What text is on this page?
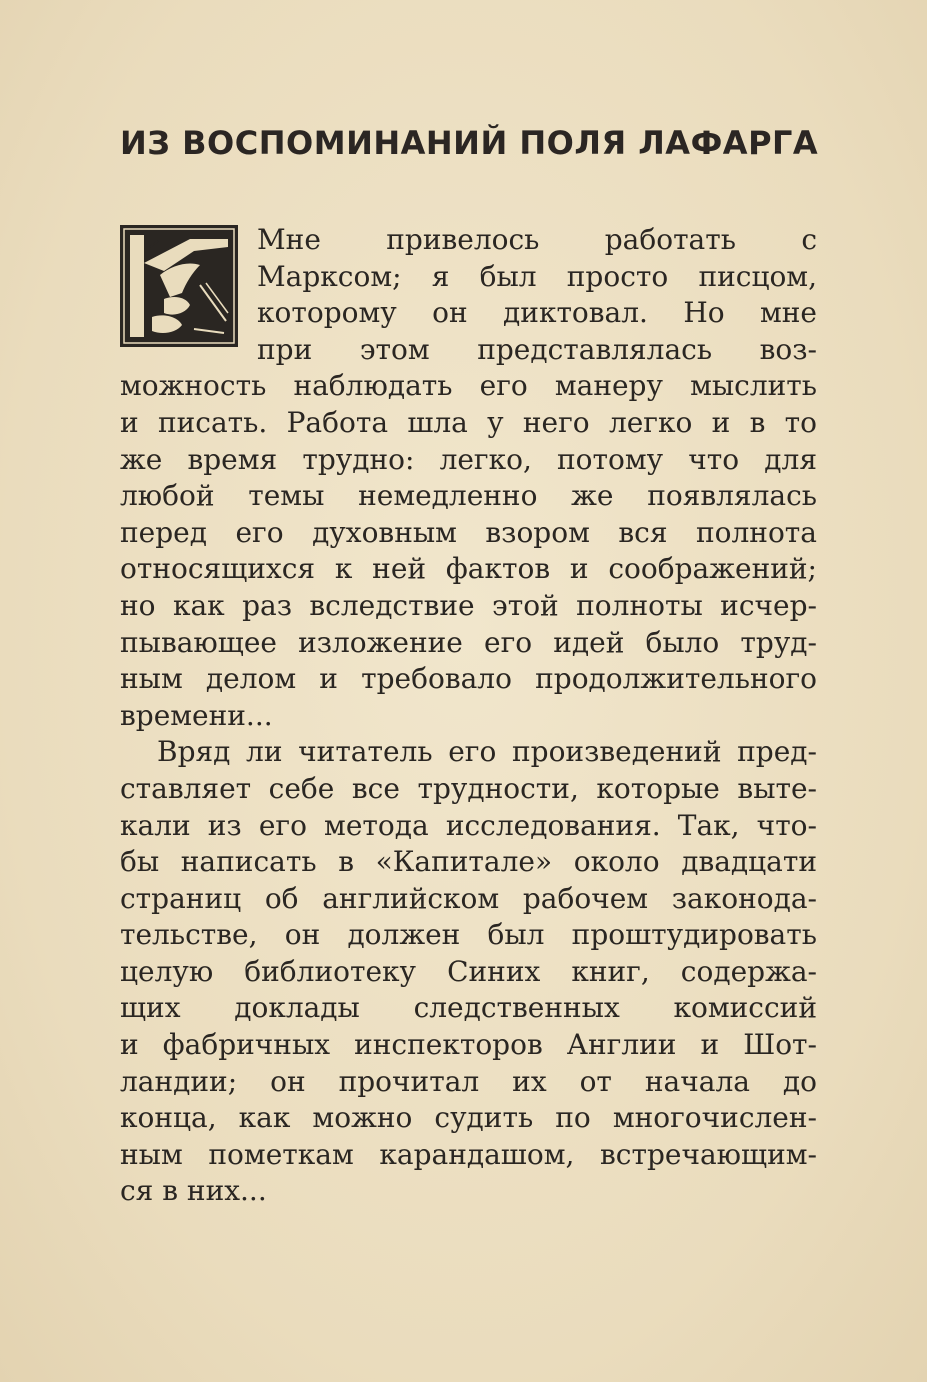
ИЗ ВОСПОМИНАНИЙ ПОЛЯ ЛАФАРГА
Мне привелось работать с
Марксом; я был просто писцом,
которому он диктовал. Но мне
при этом представлялась воз-
можность наблюдать его манеру мыслить
и писать. Работа шла у него легко и в то
же время трудно: легко, потому что для
любой темы немедленно же появлялась
перед его духовным взором вся полнота
относящихся к ней фактов и соображений;
но как раз вследствие этой полноты исчер-
пывающее изложение его идей было труд-
ным делом и требовало продолжительного
времени...
Вряд ли читатель его произведений пред-
ставляет себе все трудности, которые выте-
кали из его метода исследования. Так, что-
бы написать в «Капитале» около двадцати
страниц об английском рабочем законода-
тельстве, он должен был проштудировать
целую библиотеку Синих книг, содержа-
щих доклады следственных комиссий
и фабричных инспекторов Англии и Шот-
ландии; он прочитал их от начала до
конца, как можно судить по многочислен-
ным пометкам карандашом, встречающим-
ся в них...
